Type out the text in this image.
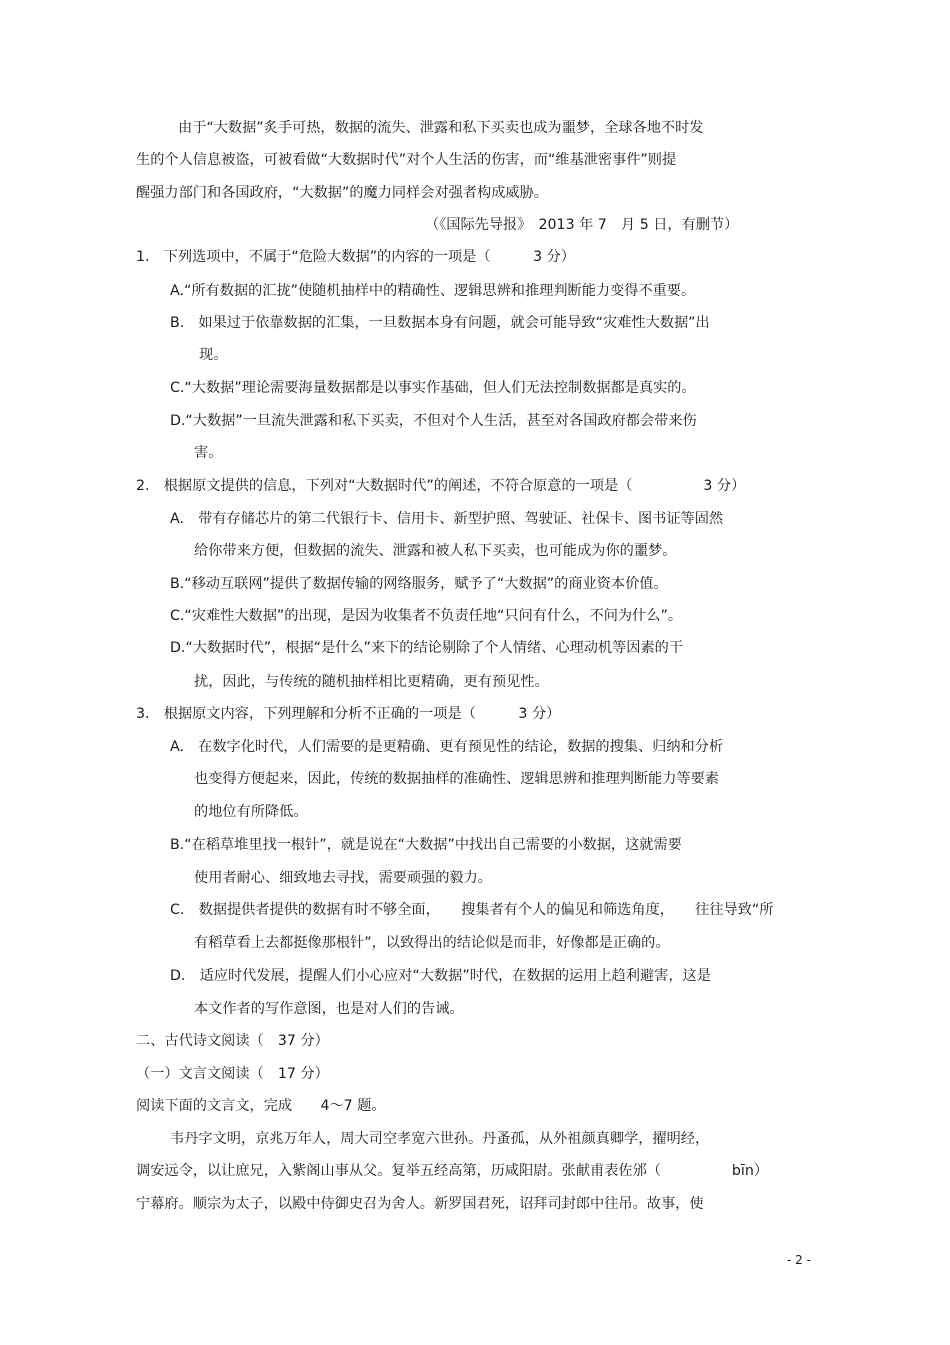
由于“大数据”炙手可热，数据的流失、泄露和私下买卖也成为噩梦，全球各地不时发
生的个人信息被盗，可被看做“大数据时代”对个人生活的伤害，而“维基泄密事件”则提
醒强力部门和各国政府，“大数据”的魔力同样会对强者构成威胁。
（《国际先导报》　2013 年 7　月 5 日，有删节）
1.　下列选项中，不属于“危险大数据”的内容的一项是（　　　3 分）
A.“所有数据的汇拢”使随机抽样中的精确性、逻辑思辨和推理判断能力变得不重要。
B.　如果过于依靠数据的汇集，一旦数据本身有问题，就会可能导致“灾难性大数据”出
现。
C.“大数据”理论需要海量数据都是以事实作基础，但人们无法控制数据都是真实的。
D.“大数据”一旦流失泄露和私下买卖，不但对个人生活，甚至对各国政府都会带来伤
害。
2.　根据原文提供的信息，下列对“大数据时代”的阐述，不符合原意的一项是（　　　　　3 分）
A.　带有存储芯片的第二代银行卡、信用卡、新型护照、驾驶证、社保卡、图书证等固然
给你带来方便，但数据的流失、泄露和被人私下买卖，也可能成为你的噩梦。
B.“移动互联网”提供了数据传输的网络服务，赋予了“大数据”的商业资本价值。
C.“灾难性大数据”的出现，是因为收集者不负责任地“只问有什么，不问为什么”。
D.“大数据时代”，根据“是什么”来下的结论剔除了个人情绪、心理动机等因素的干
扰，因此，与传统的随机抽样相比更精确，更有预见性。
3.　根据原文内容，下列理解和分析不正确的一项是（　　　3 分）
A.　在数字化时代，人们需要的是更精确、更有预见性的结论，数据的搜集、归纳和分析
也变得方便起来，因此，传统的数据抽样的准确性、逻辑思辨和推理判断能力等要素
的地位有所降低。
B.“在稻草堆里找一根针”，就是说在“大数据”中找出自己需要的小数据，这就需要
使用者耐心、细致地去寻找，需要顽强的毅力。
C.　数据提供者提供的数据有时不够全面，　　搜集者有个人的偏见和筛选角度，　　往往导致“所
有稻草看上去都挺像那根针”，以致得出的结论似是而非，好像都是正确的。
D.　适应时代发展，提醒人们小心应对“大数据”时代，在数据的运用上趋利避害，这是
本文作者的写作意图，也是对人们的告诫。
二、古代诗文阅读（　37 分）
（一）文言文阅读（　17 分）
阅读下面的文言文，完成　　4～7 题。
韦丹字文明，京兆万年人，周大司空孝宽六世孙。丹蚤孤，从外祖颜真卿学，擢明经，
调安远令，以让庶兄，入紫阁山事从父。复举五经高第，历咸阳尉。张献甫表佐邠（　　　　　bīn）
宁幕府。顺宗为太子，以殿中侍御史召为舍人。新罗国君死，诏拜司封郎中往吊。故事，使
- 2 -
